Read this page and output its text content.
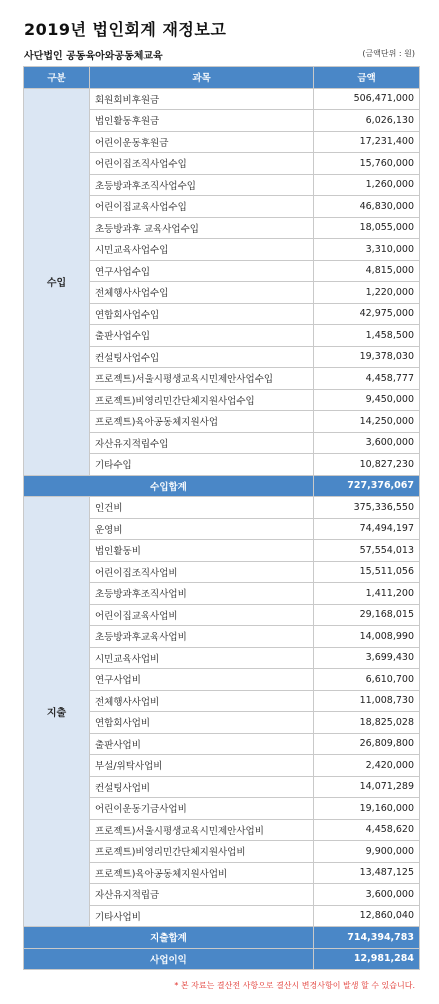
2019년 법인회계 재정보고
사단법인 공동육아와공동체교육	(금액단위 : 원)
구분	과목	금액
수입	회원회비후원금	506,471,000
	법인활동후원금	6,026,130
	어린이운동후원금	17,231,400
	어린이집조직사업수입	15,760,000
	초등방과후조직사업수입	1,260,000
	어린이집교육사업수입	46,830,000
	초등방과후 교육사업수입	18,055,000
	시민교육사업수입	3,310,000
	연구사업수입	4,815,000
	전체행사사업수입	1,220,000
	연합회사업수입	42,975,000
	출판사업수입	1,458,500
	컨설팅사업수입	19,378,030
	프로젝트)서울시평생교육시민제안사업수입	4,458,777
	프로젝트)비영리민간단체지원사업수입	9,450,000
	프로젝트)육아공동체지원사업	14,250,000
	자산유지적립수입	3,600,000
	기타수입	10,827,230
수입합계		727,376,067
지출	인건비	375,336,550
	운영비	74,494,197
	법인활동비	57,554,013
	어린이집조직사업비	15,511,056
	초등방과후조직사업비	1,411,200
	어린이집교육사업비	29,168,015
	초등방과후교육사업비	14,008,990
	시민교육사업비	3,699,430
	연구사업비	6,610,700
	전체행사사업비	11,008,730
	연합회사업비	18,825,028
	출판사업비	26,809,800
	부설/위탁사업비	2,420,000
	컨설팅사업비	14,071,289
	어린이운동기금사업비	19,160,000
	프로젝트)서울시평생교육시민제안사업비	4,458,620
	프로젝트)비영리민간단체지원사업비	9,900,000
	프로젝트)육아공동체지원사업비	13,487,125
	자산유지적립금	3,600,000
	기타사업비	12,860,040
지출합계		714,394,783
사업이익		12,981,284
* 본 자료는 결산전 사항으로 결산시 변경사항이 발생 할 수 있습니다.
